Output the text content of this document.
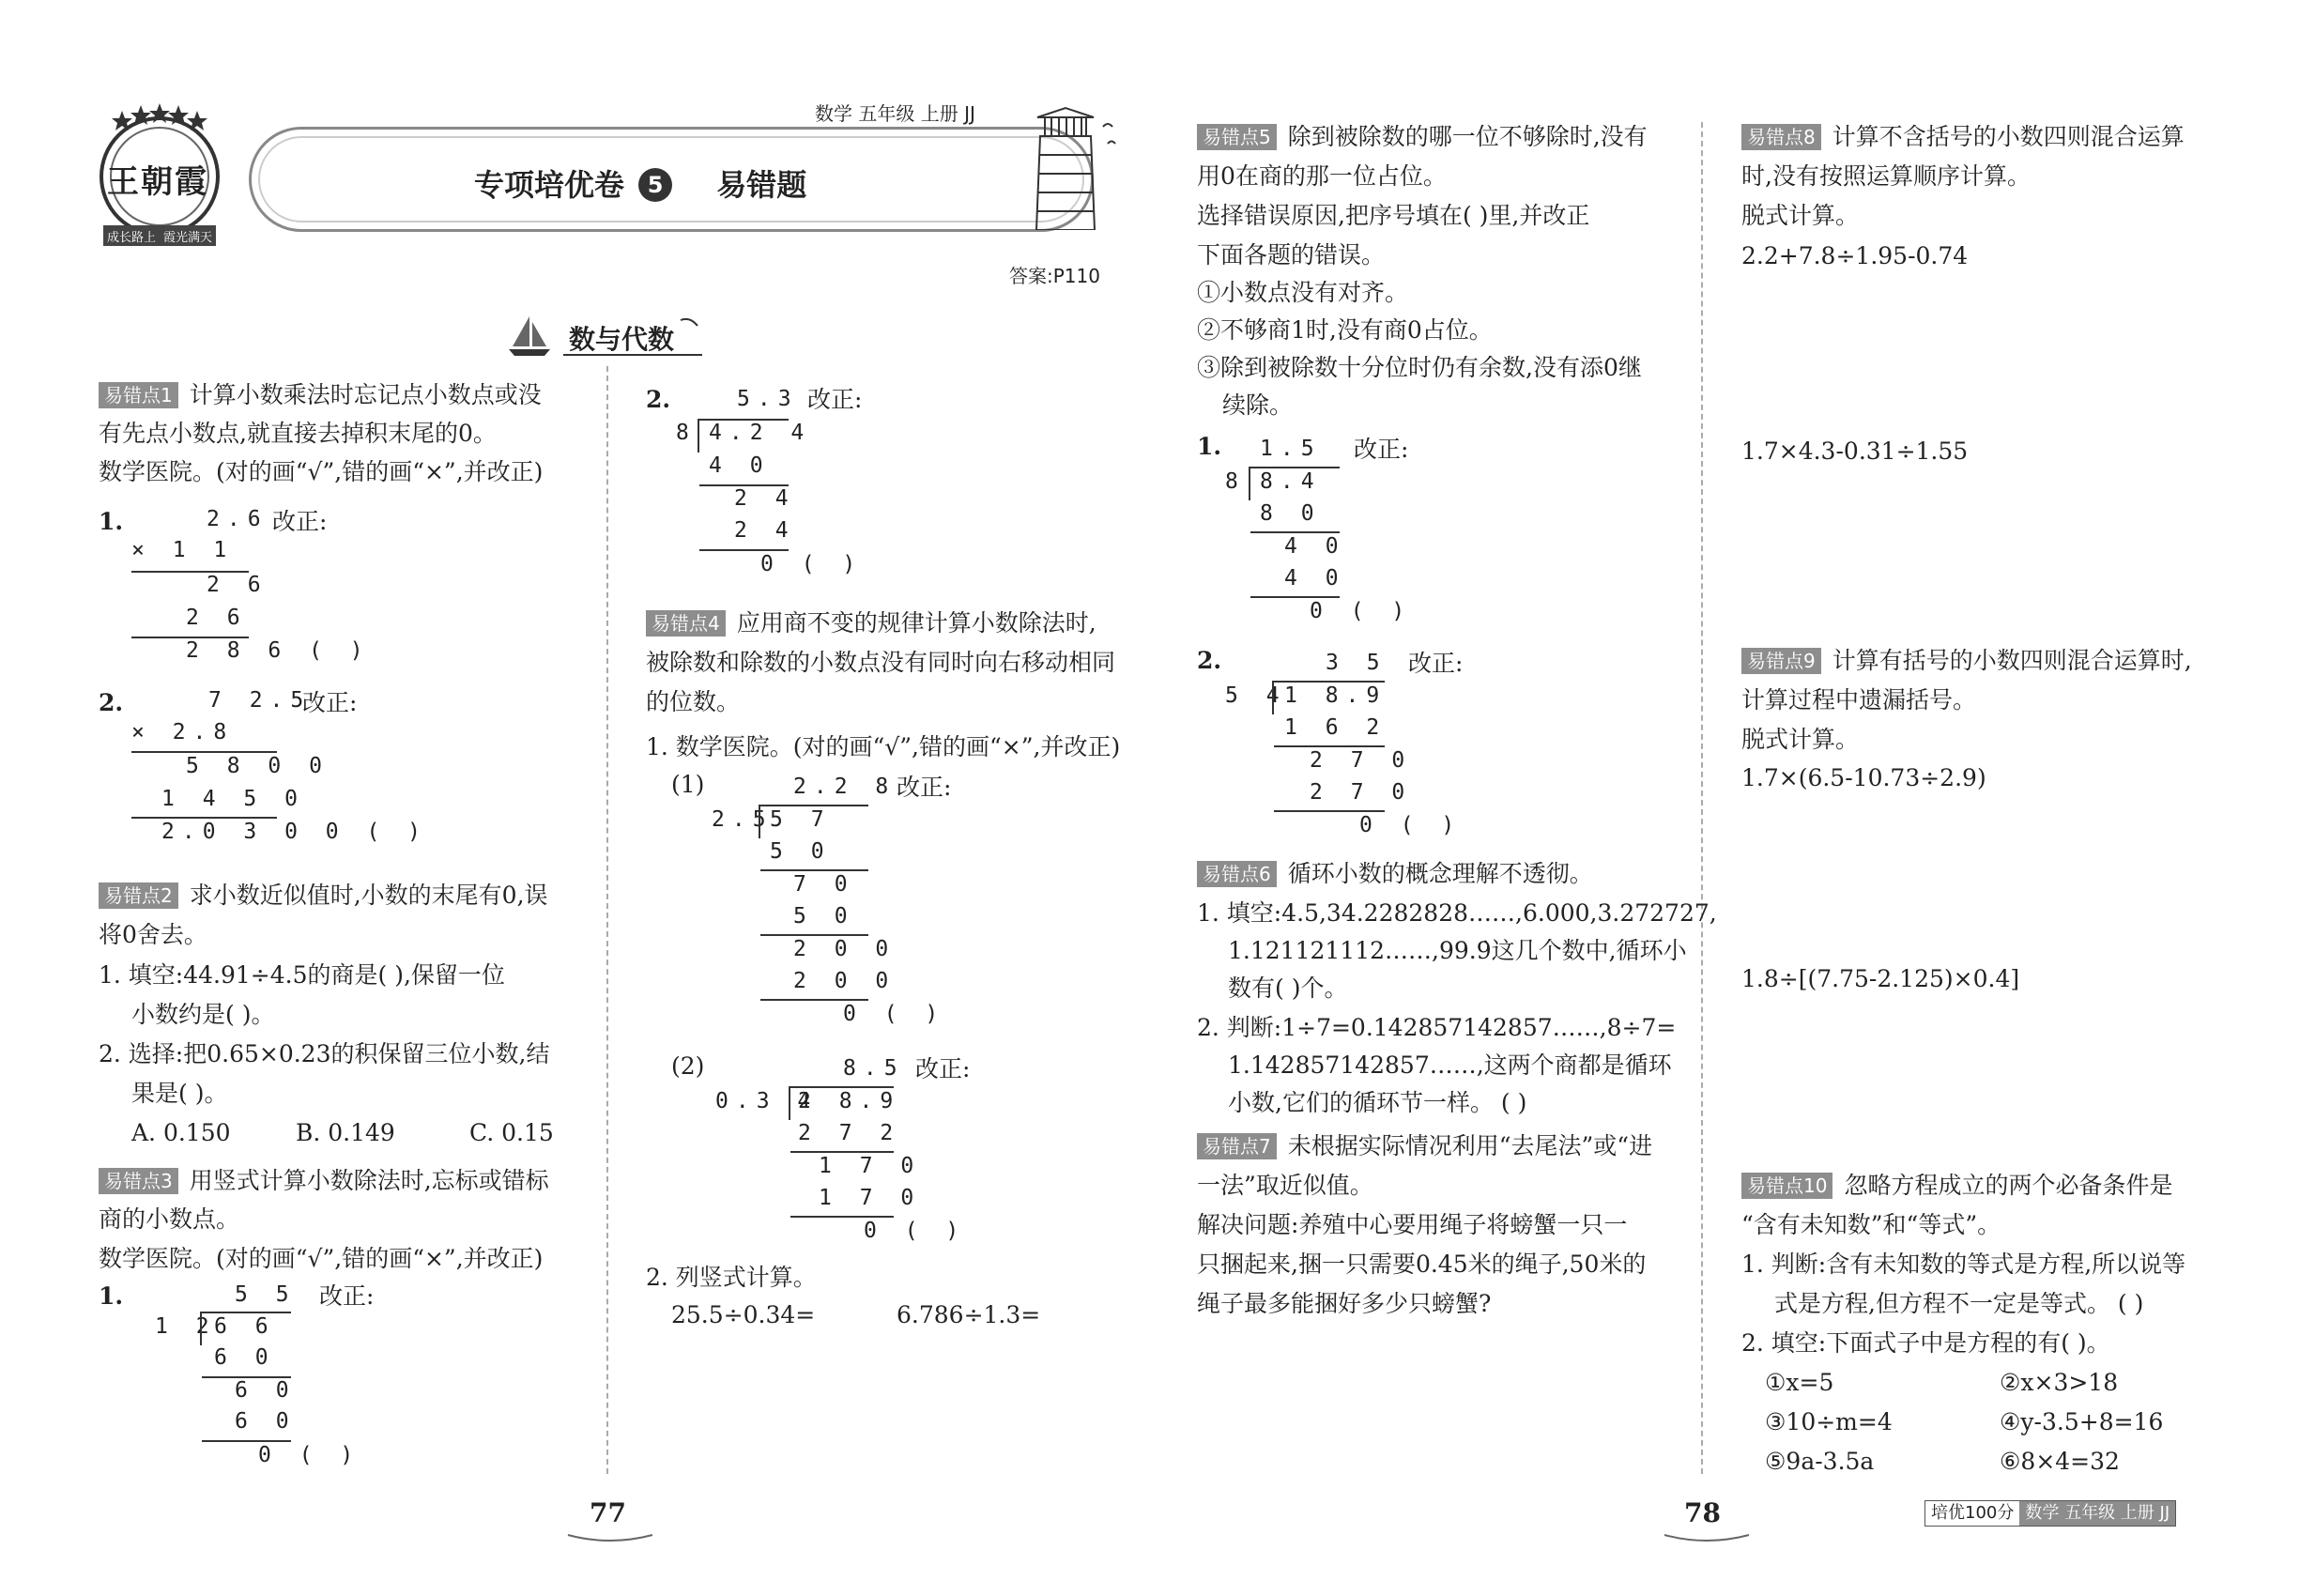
王朝霞
成长路上 霞光满天
数学 五年级 上册 JJ
专项培优卷 5 易错题
答案:P110
数与代数
易错点1 计算小数乘法时忘记点小数点或没
有先点小数点,就直接去掉积末尾的0。
数学医院。(对的画“√”,错的画“×”,并改正)
1.	改正:
2.6
× 1 1
2 6
2 6
2 8 6 ( )
2.	改正:
7 2.5
× 2.8
5 8 0 0
1 4 5 0
2.0 3 0 0 ( )
易错点2 求小数近似值时,小数的末尾有0,误
将0舍去。
1. 填空:44.91÷4.5的商是( ),保留一位
小数约是( )。
2. 选择:把0.65×0.23的积保留三位小数,结
果是( )。
A. 0.150	B. 0.149	C. 0.15
易错点3 用竖式计算小数除法时,忘标或错标
商的小数点。
数学医院。(对的画“√”,错的画“×”,并改正)
1.	改正:
5 5
1 2
6 6
6 0
6 0
6 0
0 ( )
2.	改正:
5.3
8 4.2 4
4 0
2 4
2 4
0 ( )
易错点4 应用商不变的规律计算小数除法时,
被除数和除数的小数点没有同时向右移动相同
的位数。
1. 数学医院。(对的画“√”,错的画“×”,并改正)
(1)	改正:
2.2 8
2.5
5 7
5 0
7 0
5 0
2 0 0
2 0 0
0 ( )
(2)	改正:
8.5
0.3 4
2 8.9
2 7 2
1 7 0
1 7 0
0 ( )
2. 列竖式计算。
25.5÷0.34=	6.786÷1.3=
易错点5 除到被除数的哪一位不够除时,没有
用0在商的那一位占位。
选择错误原因,把序号填在( )里,并改正
下面各题的错误。
①小数点没有对齐。
②不够商1时,没有商0占位。
③除到被除数十分位时仍有余数,没有添0继
续除。
1.	改正:
1.5
8 8.4
8 0
4 0
4 0
0 ( )
2.	改正:
3 5
5 4
1 8.9
1 6 2
2 7 0
2 7 0
0 ( )
易错点6 循环小数的概念理解不透彻。
1. 填空:4.5,34.2282828……,6.000,3.272727,
1.121121112……,99.9̇这几个数中,循环小
数有( )个。
2. 判断:1÷7=0.142857142857……,8÷7=
1.142857142857……,这两个商都是循环
小数,它们的循环节一样。 ( )
易错点7 未根据实际情况利用“去尾法”或“进
一法”取近似值。
解决问题:养殖中心要用绳子将螃蟹一只一
只捆起来,捆一只需要0.45米的绳子,50米的
绳子最多能捆好多少只螃蟹?
易错点8 计算不含括号的小数四则混合运算
时,没有按照运算顺序计算。
脱式计算。
2.2+7.8÷1.95-0.74
1.7×4.3-0.31÷1.55
易错点9 计算有括号的小数四则混合运算时,
计算过程中遗漏括号。
脱式计算。
1.7×(6.5-10.73÷2.9)
1.8÷[(7.75-2.125)×0.4]
易错点10 忽略方程成立的两个必备条件是
“含有未知数”和“等式”。
1. 判断:含有未知数的等式是方程,所以说等
式是方程,但方程不一定是等式。 ( )
2. 填空:下面式子中是方程的有( )。
①x=5	②x×3>18
③10÷m=4	④y-3.5+8=16
⑤9a-3.5a	⑥8×4=32
77	78	培优100分 数学 五年级 上册 JJ
